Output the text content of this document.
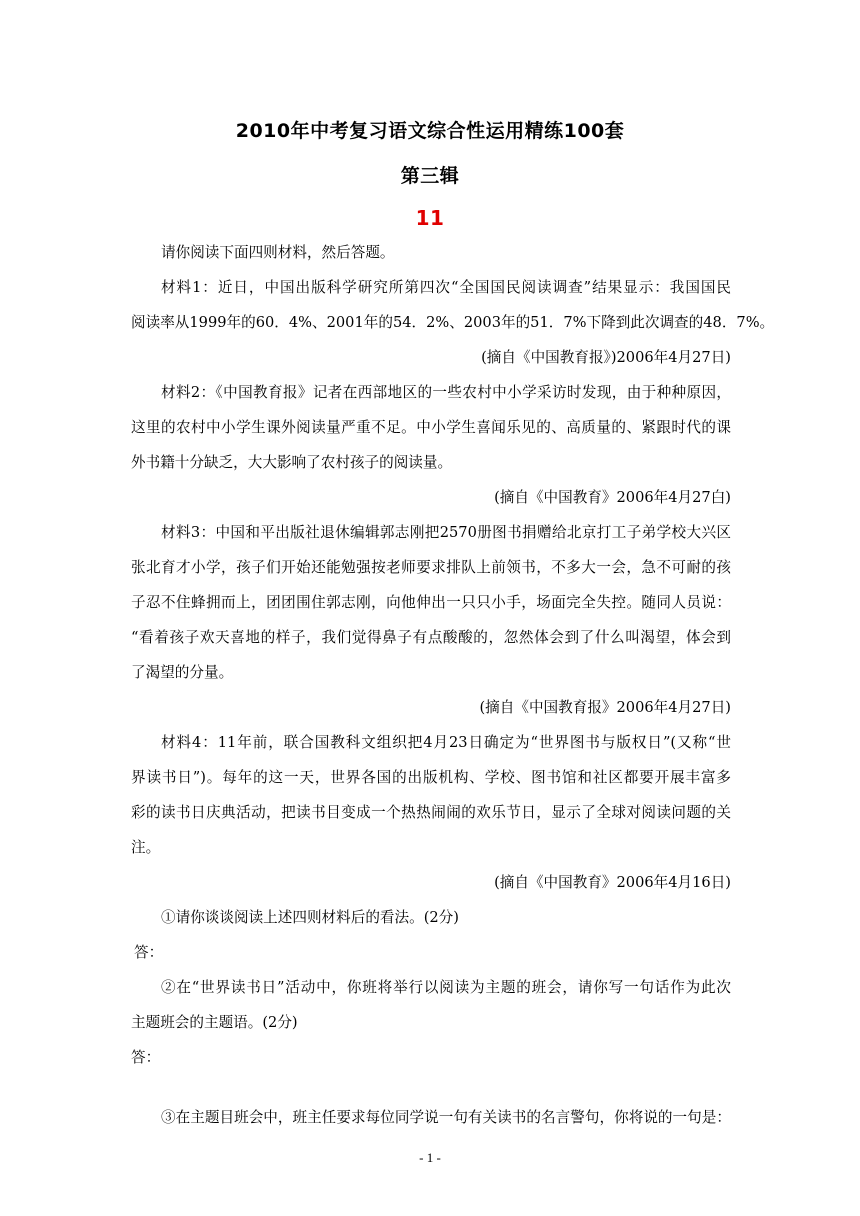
2010年中考复习语文综合性运用精练100套
第三辑
11
请你阅读下面四则材料，然后答题。
材料1：近日，中国出版科学研究所第四次“全国国民阅读调查”结果显示：我国国民
阅读率从1999年的60．4%、2001年的54．2%、2003年的51．7%下降到此次调查的48．7%。
(摘自《中国教育报》)2006年4月27日)
材料2：《中国教育报》记者在西部地区的一些农村中小学采访时发现，由于种种原因，
这里的农村中小学生课外阅读量严重不足。中小学生喜闻乐见的、高质量的、紧跟时代的课
外书籍十分缺乏，大大影响了农村孩子的阅读量。
(摘自《中国教育》2006年4月27白)
材料3：中国和平出版社退休编辑郭志刚把2570册图书捐赠给北京打工子弟学校大兴区
张北育才小学，孩子们开始还能勉强按老师要求排队上前领书，不多大一会，急不可耐的孩
子忍不住蜂拥而上，团团围住郭志刚，向他伸出一只只小手，场面完全失控。随同人员说：
“看着孩子欢天喜地的样子，我们觉得鼻子有点酸酸的，忽然体会到了什么叫渴望，体会到
了渴望的分量。
(摘自《中国教育报》2006年4月27日)
材料4：11年前，联合国教科文组织把4月23日确定为“世界图书与版权日”(又称“世
界读书日”)。每年的这一天，世界各国的出版机构、学校、图书馆和社区都要开展丰富多
彩的读书日庆典活动，把读书目变成一个热热闹闹的欢乐节日，显示了全球对阅读问题的关
注。
(摘自《中国教育》2006年4月16日)
①请你谈谈阅读上述四则材料后的看法。(2分)
答：
②在“世界读书日”活动中，你班将举行以阅读为主题的班会，请你写一句话作为此次
主题班会的主题语。(2分)
答：
③在主题目班会中，班主任要求每位同学说一句有关读书的名言警句，你将说的一句是：
- 1 -
